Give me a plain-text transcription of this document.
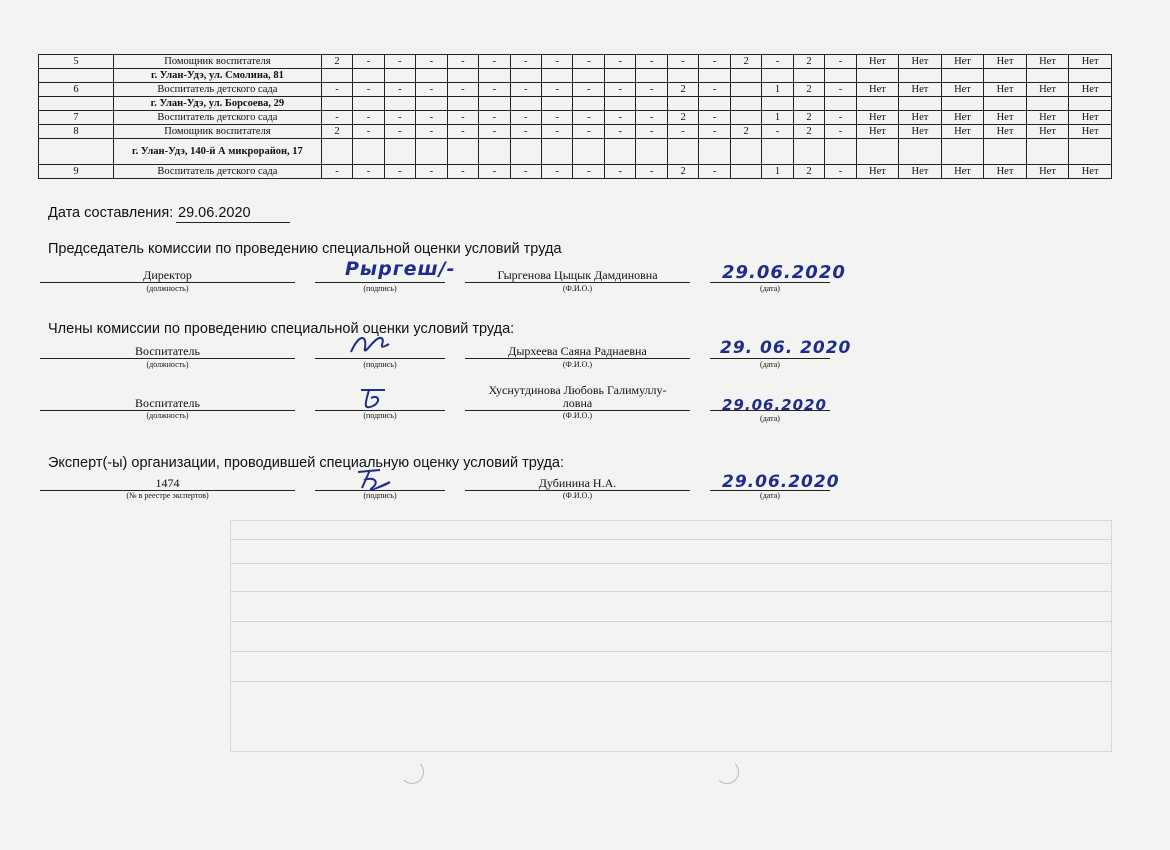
5	Помощник воспитателя	2	-	-	-	-	-	-	-	-	-	-	-	-	2	-	2	-	Нет	Нет	Нет	Нет	Нет	Нет
	г. Улан-Удэ, ул. Смолина, 81																							
6	Воспитатель детского сада	-	-	-	-	-	-	-	-	-	-	-	2	-		1	2	-	Нет	Нет	Нет	Нет	Нет	Нет
	г. Улан-Удэ, ул. Борсоева, 29																							
7	Воспитатель детского сада	-	-	-	-	-	-	-	-	-	-	-	2	-		1	2	-	Нет	Нет	Нет	Нет	Нет	Нет
8	Помощник воспитателя	2	-	-	-	-	-	-	-	-	-	-	-	-	2	-	2	-	Нет	Нет	Нет	Нет	Нет	Нет
	г. Улан-Удэ, 140-й А микрорайон, 17																							
9	Воспитатель детского сада	-	-	-	-	-	-	-	-	-	-	-	2	-		1	2	-	Нет	Нет	Нет	Нет	Нет	Нет
Дата составления: 29.06.2020
Председатель комиссии по проведению специальной оценки условий труда
Директор
(должность)	(подпись)
Рыргеш/-	Гыргенова Цыцык Дамдиновна
(Ф.И.О.)
29.06.2020
(дата)
Члены комиссии по проведению специальной оценки условий труда:
Воспитатель
(должность)	(подпись)
Дырхеева Саяна Раднаевна
(Ф.И.О.)
29. 06. 2020
(дата)
Воспитатель
(должность)	(подпись)
Хуснутдинова Любовь Галимуллу-
ловна
(Ф.И.О.)
29.06.2020
(дата)
Эксперт(-ы) организации, проводившей специальную оценку условий труда:
1474
(№ в реестре экспертов)	(подпись)
Дубинина Н.А.
(Ф.И.О.)
29.06.2020
(дата)
